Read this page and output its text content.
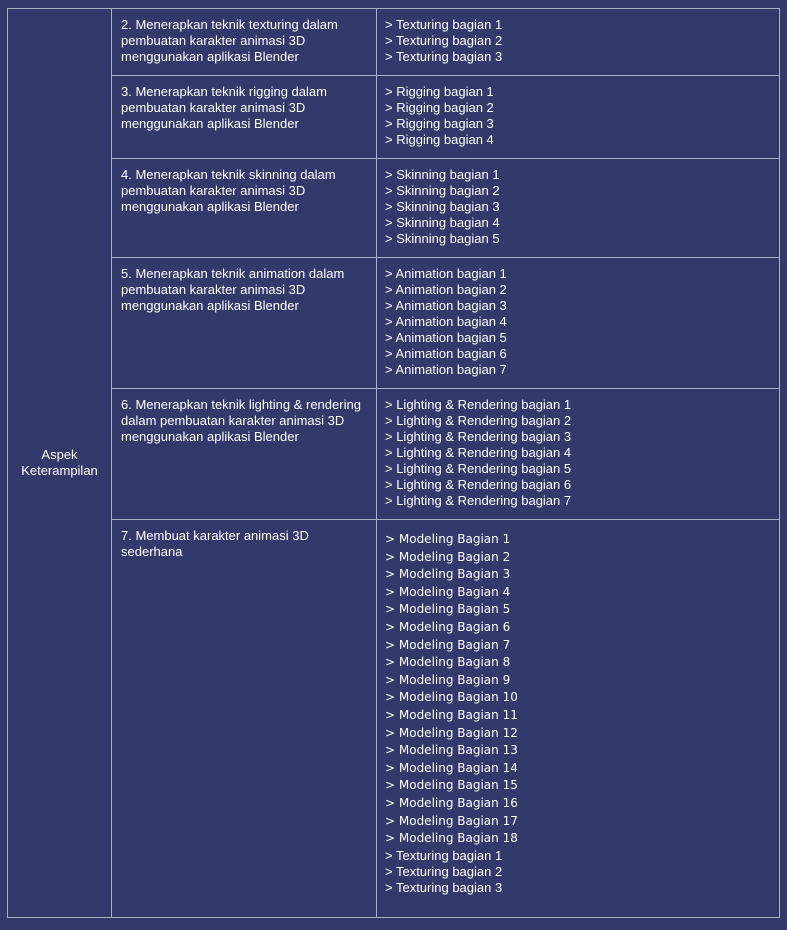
Aspek
Keterampilan
2. Menerapkan teknik texturing dalam pembuatan karakter animasi 3D menggunakan aplikasi Blender
> Texturing bagian 1
> Texturing bagian 2
> Texturing bagian 3
3. Menerapkan teknik rigging dalam pembuatan karakter animasi 3D menggunakan aplikasi Blender
> Rigging bagian 1
> Rigging bagian 2
> Rigging bagian 3
> Rigging bagian 4
4. Menerapkan teknik skinning dalam pembuatan karakter animasi 3D menggunakan aplikasi Blender
> Skinning bagian 1
> Skinning bagian 2
> Skinning bagian 3
> Skinning bagian 4
> Skinning bagian 5
5. Menerapkan teknik animation dalam pembuatan karakter animasi 3D menggunakan aplikasi Blender
> Animation bagian 1
> Animation bagian 2
> Animation bagian 3
> Animation bagian 4
> Animation bagian 5
> Animation bagian 6
> Animation bagian 7
6. Menerapkan teknik lighting & rendering dalam pembuatan karakter animasi 3D menggunakan aplikasi Blender
> Lighting & Rendering bagian 1
> Lighting & Rendering bagian 2
> Lighting & Rendering bagian 3
> Lighting & Rendering bagian 4
> Lighting & Rendering bagian 5
> Lighting & Rendering bagian 6
> Lighting & Rendering bagian 7
7. Membuat karakter animasi 3D sederhana
> Modeling Bagian 1
> Modeling Bagian 2
> Modeling Bagian 3
> Modeling Bagian 4
> Modeling Bagian 5
> Modeling Bagian 6
> Modeling Bagian 7
> Modeling Bagian 8
> Modeling Bagian 9
> Modeling Bagian 10
> Modeling Bagian 11
> Modeling Bagian 12
> Modeling Bagian 13
> Modeling Bagian 14
> Modeling Bagian 15
> Modeling Bagian 16
> Modeling Bagian 17
> Modeling Bagian 18
> Texturing bagian 1
> Texturing bagian 2
> Texturing bagian 3
